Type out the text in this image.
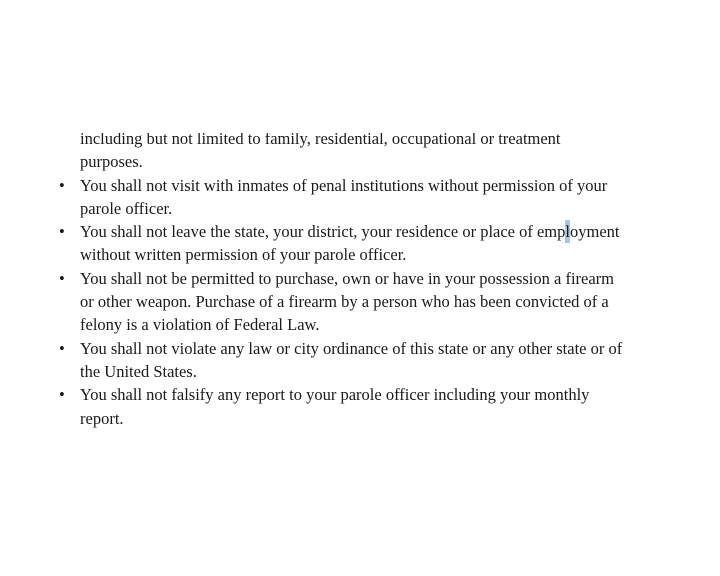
including but not limited to family, residential, occupational or treatment
purposes.
• You shall not visit with inmates of penal institutions without permission of your
parole officer.
• You shall not leave the state, your district, your residence or place of employment
without written permission of your parole officer.
• You shall not be permitted to purchase, own or have in your possession a firearm
or other weapon. Purchase of a firearm by a person who has been convicted of a
felony is a violation of Federal Law.
• You shall not violate any law or city ordinance of this state or any other state or of
the United States.
• You shall not falsify any report to your parole officer including your monthly
report.
